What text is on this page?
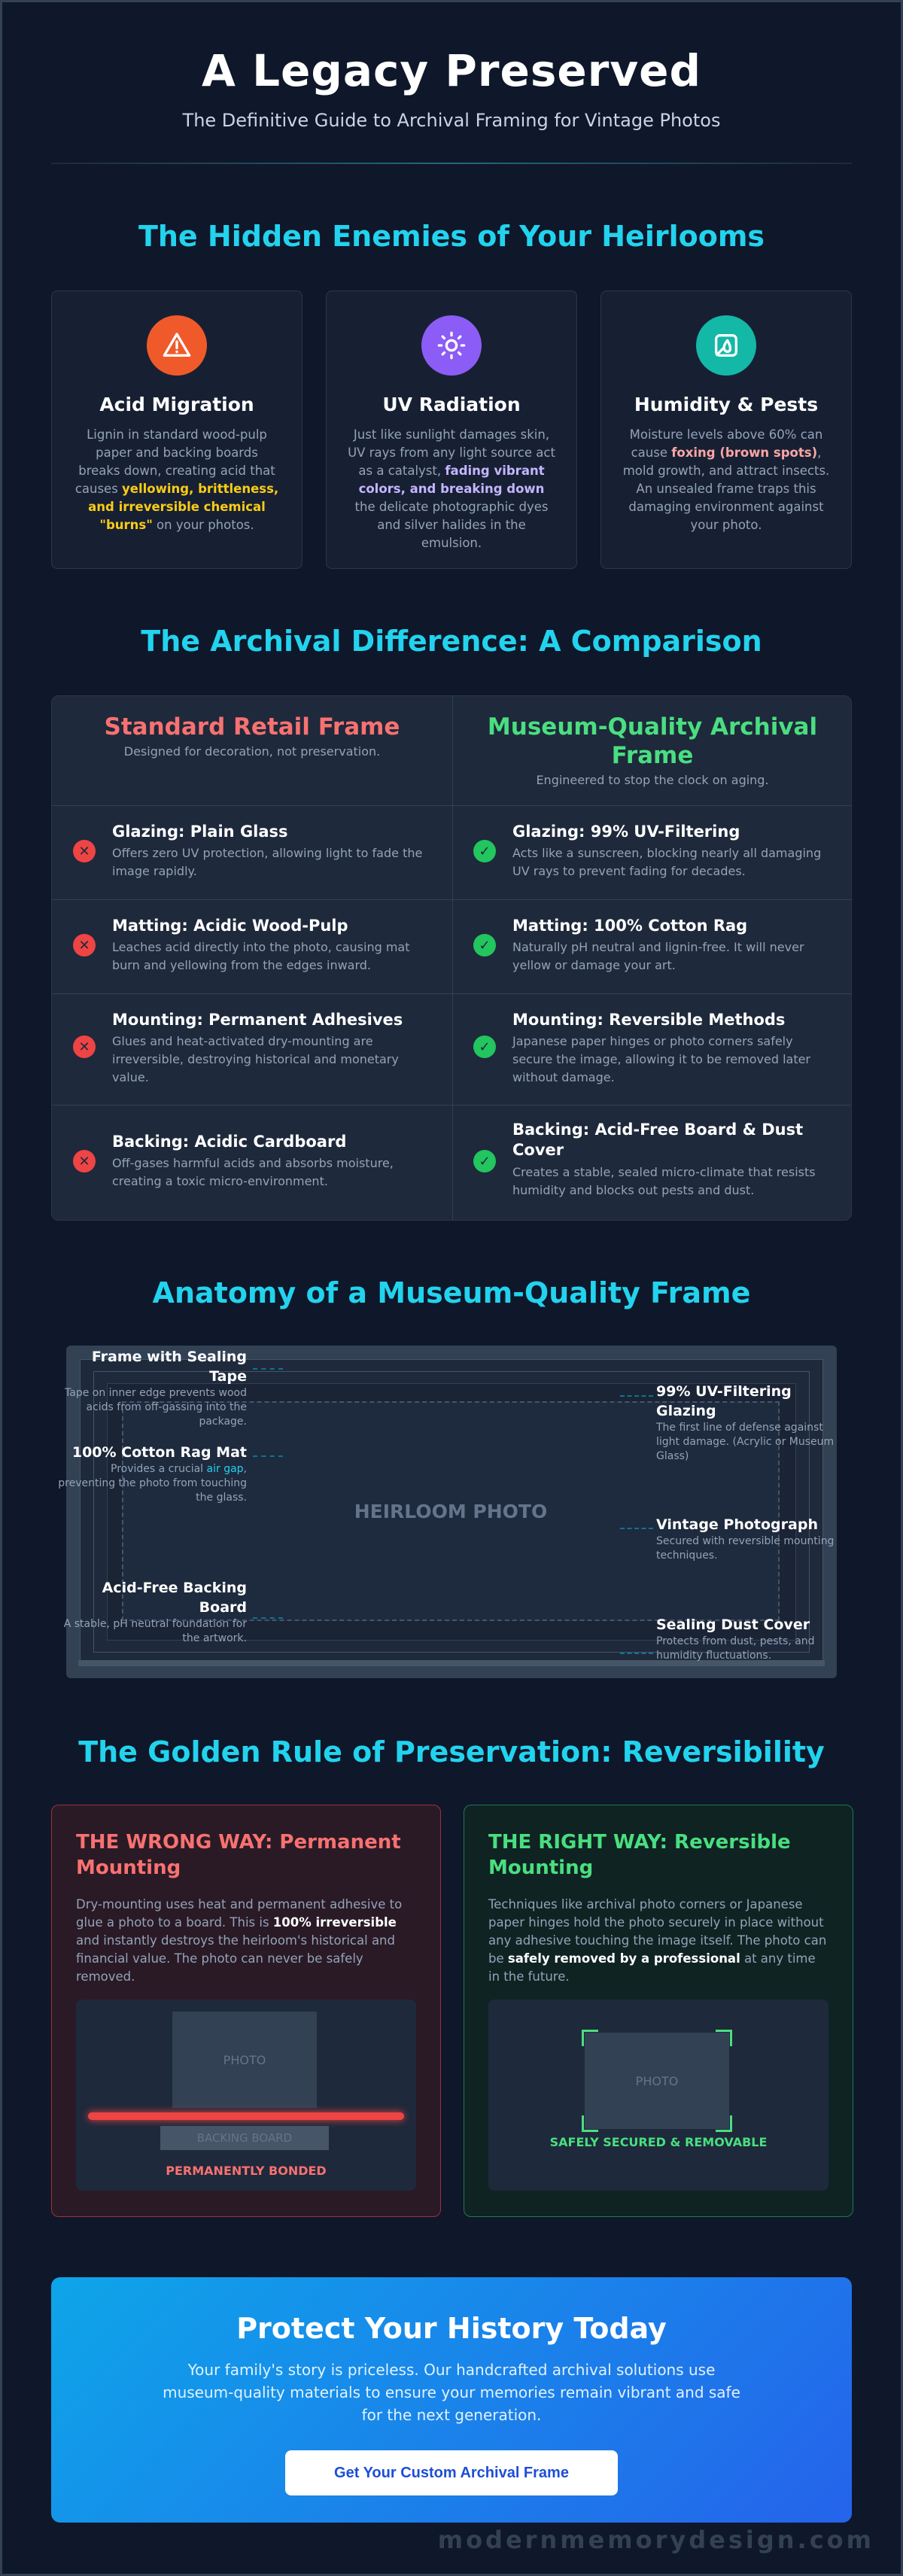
A Legacy Preserved

The Definitive Guide to Archival Framing for Vintage Photos

The Hidden Enemies of Your Heirlooms
Acid Migration

Lignin in standard wood-pulp paper and backing boards breaks down, creating acid that causes yellowing, brittleness, and irreversible chemical "burns" on your photos.

UV Radiation

Just like sunlight damages skin, UV rays from any light source act as a catalyst, fading vibrant colors, and breaking down the delicate photographic dyes and silver halides in the emulsion.

Humidity & Pests

Moisture levels above 60% can cause foxing (brown spots), mold growth, and attract insects. An unsealed frame traps this damaging environment against your photo.

The Archival Difference: A Comparison
Standard Retail Frame
Designed for decoration, not preservation.
Museum-Quality Archival Frame
Engineered to stop the clock on aging.
✕
Glazing: Plain Glass

Offers zero UV protection, allowing light to fade the image rapidly.

✕
Matting: Acidic Wood-Pulp

Leaches acid directly into the photo, causing mat burn and yellowing from the edges inward.

✕
Mounting: Permanent Adhesives

Glues and heat-activated dry-mounting are irreversible, destroying historical and monetary value.

✕
Backing: Acidic Cardboard

Off-gases harmful acids and absorbs moisture, creating a toxic micro-environment.

✓
Glazing: 99% UV-Filtering

Acts like a sunscreen, blocking nearly all damaging UV rays to prevent fading for decades.

✓
Matting: 100% Cotton Rag

Naturally pH neutral and lignin-free. It will never yellow or damage your art.

✓
Mounting: Reversible Methods

Japanese paper hinges or photo corners safely secure the image, allowing it to be removed later without damage.

✓
Backing: Acid-Free Board & Dust Cover

Creates a stable, sealed micro-climate that resists humidity and blocks out pests and dust.

Anatomy of a Museum-Quality Frame
HEIRLOOM PHOTO
Frame with Sealing Tape
Tape on inner edge prevents wood acids from off-gassing into the package.
100% Cotton Rag Mat
Provides a crucial air gap, preventing the photo from touching the glass.
Acid-Free Backing Board
A stable, pH neutral foundation for the artwork.
99% UV-Filtering Glazing
The first line of defense against light damage. (Acrylic or Museum Glass)
Vintage Photograph
Secured with reversible mounting techniques.
Sealing Dust Cover
Protects from dust, pests, and humidity fluctuations.
The Golden Rule of Preservation: Reversibility
THE WRONG WAY: Permanent Mounting

Dry-mounting uses heat and permanent adhesive to glue a photo to a board. This is 100% irreversible and instantly destroys the heirloom's historical and financial value. The photo can never be safely removed.

PHOTO
BACKING BOARD
PERMANENTLY BONDED
THE RIGHT WAY: Reversible Mounting

Techniques like archival photo corners or Japanese paper hinges hold the photo securely in place without any adhesive touching the image itself. The photo can be safely removed by a professional at any time in the future.

PHOTO
SAFELY SECURED & REMOVABLE
Protect Your History Today

Your family's story is priceless. Our handcrafted archival solutions use museum-quality materials to ensure your memories remain vibrant and safe for the next generation.

Get Your Custom Archival Frame
modernmemorydesign.com
